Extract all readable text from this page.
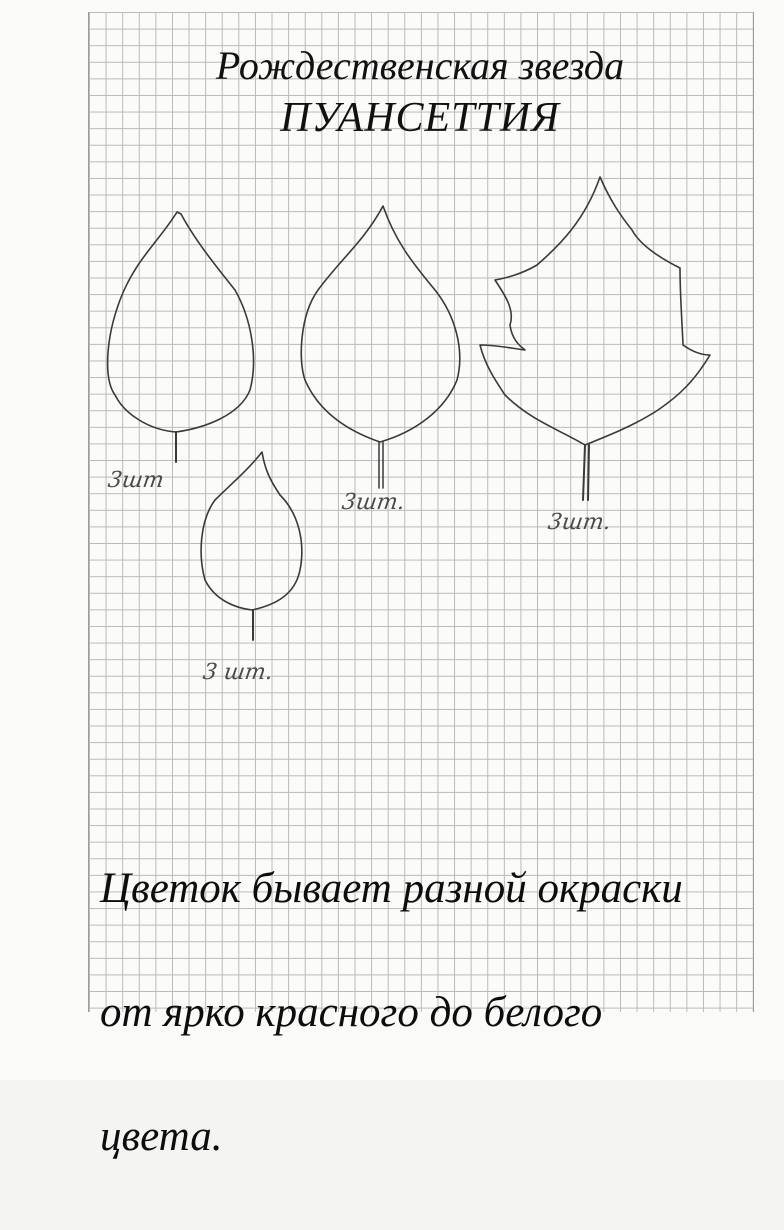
Рождественская звезда
ПУАНСЕТТИЯ
3шт
3шт.
3шт.
3 шт.

Цветок бывает разной окраски

от ярко красного до белого

цвета.
